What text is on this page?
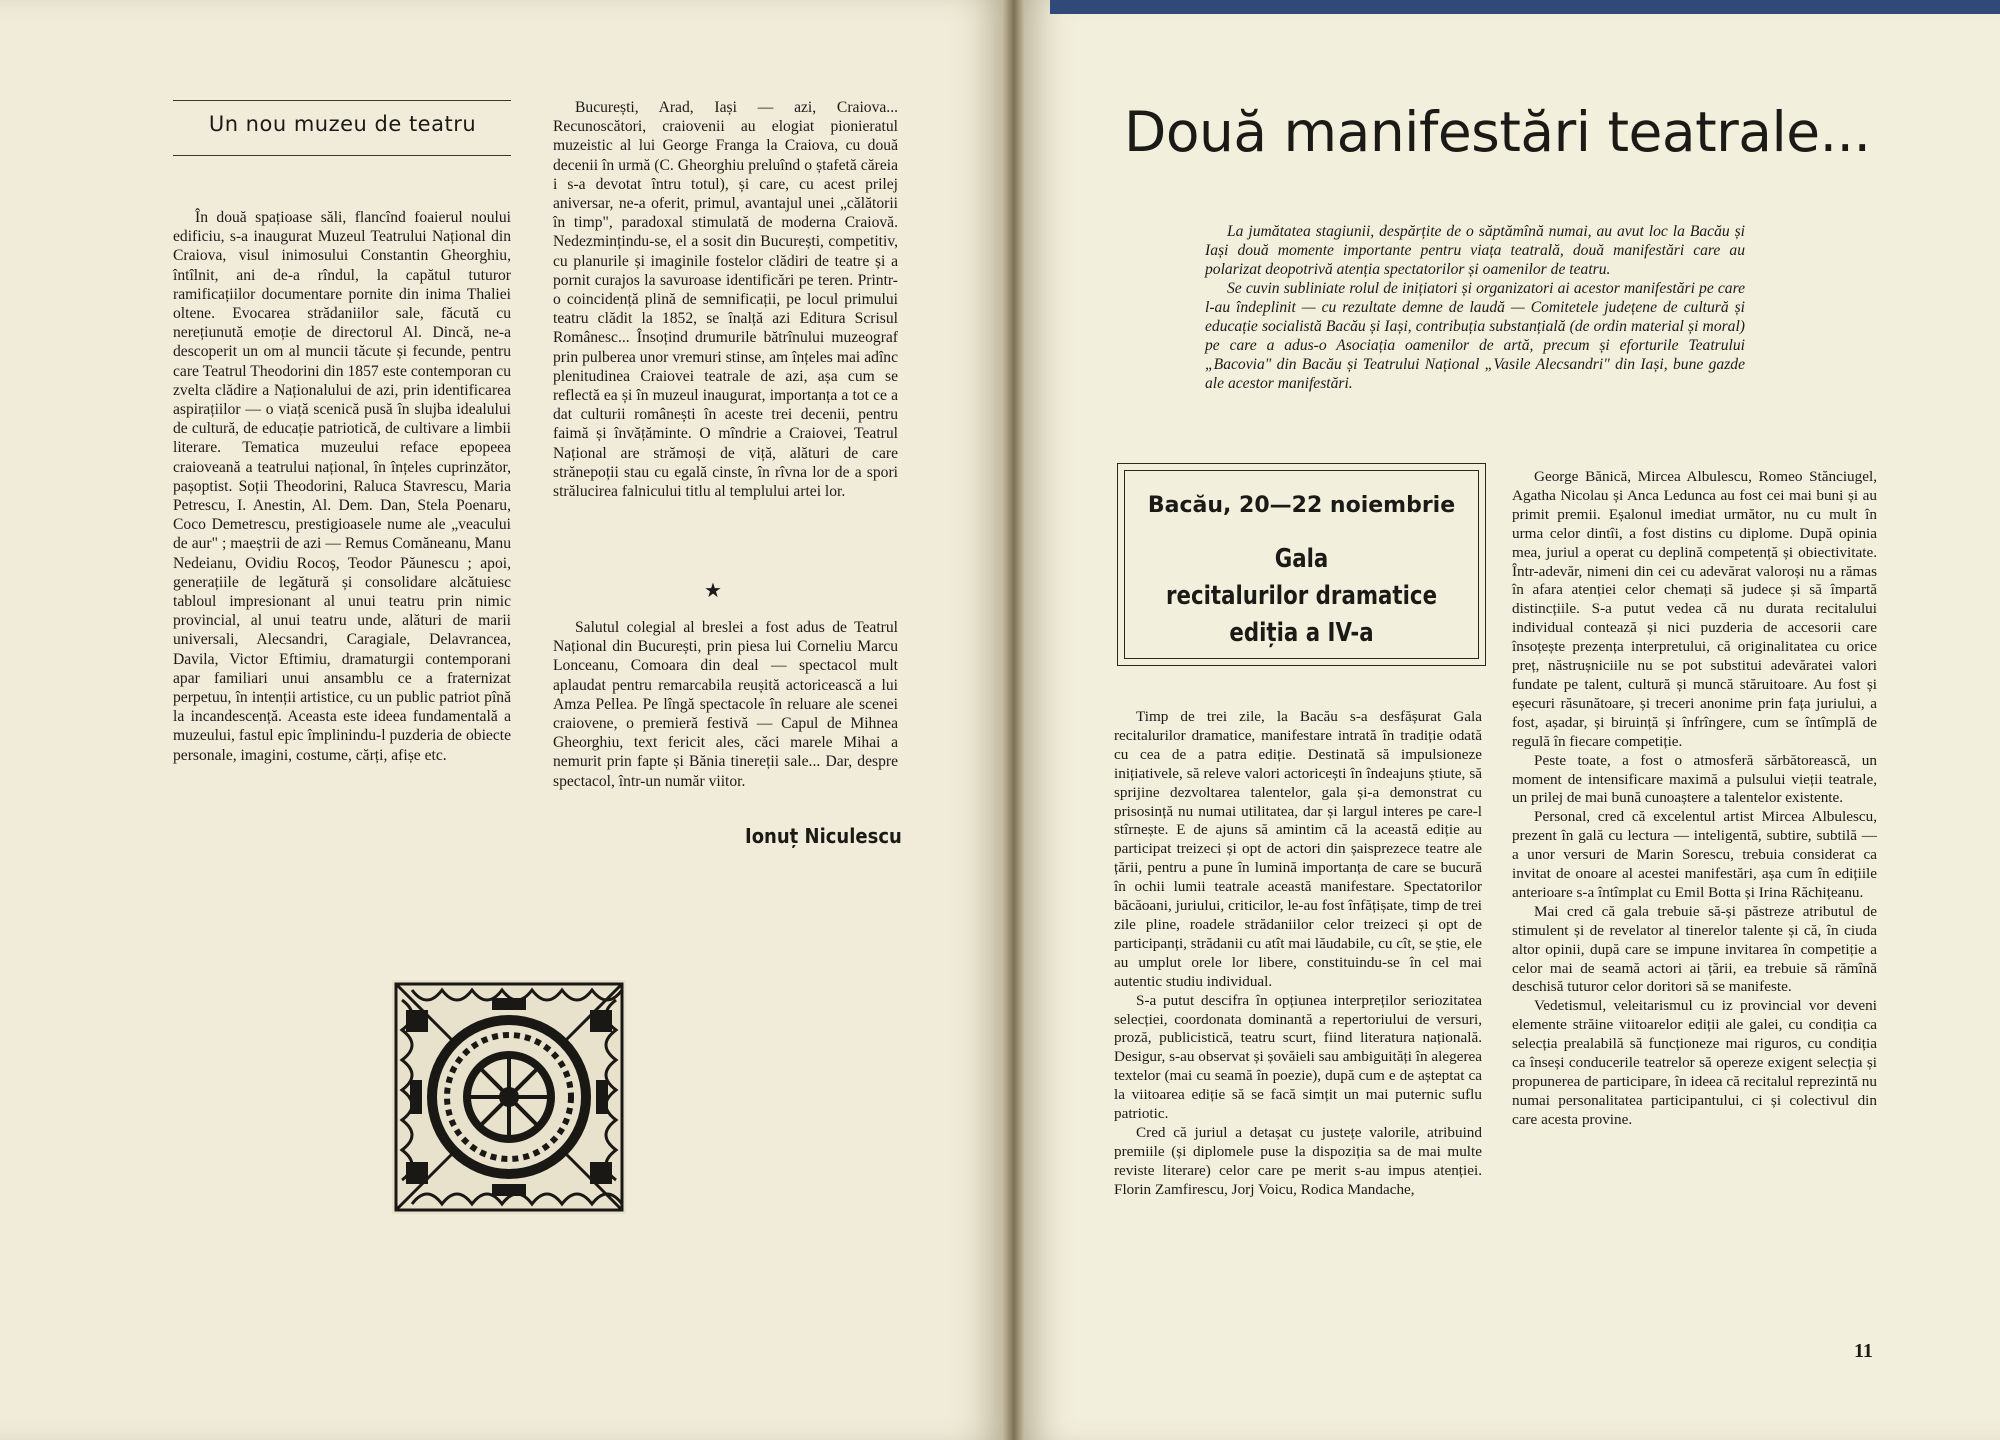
Un nou muzeu de teatru

În două spațioase săli, flancînd foaierul noului edificiu, s-a inaugurat Muzeul Teatrului Național din Craiova, visul inimosului Constantin Gheorghiu, întîlnit, ani de-a rîndul, la capătul tuturor ramificațiilor documentare pornite din inima Thaliei oltene. Evocarea strădaniilor sale, făcută cu nerețiunută emoție de directorul Al. Dincă, ne-a descoperit un om al muncii tăcute și fecunde, pentru care Teatrul Theodorini din 1857 este contemporan cu zvelta clădire a Naționalului de azi, prin identificarea aspirațiilor — o viață scenică pusă în slujba idealului de cultură, de educație patriotică, de cultivare a limbii literare. Tematica muzeului reface epopeea craioveană a teatrului național, în înțeles cuprinzător, pașoptist. Soții Theodorini, Raluca Stavrescu, Maria Petrescu, I. Anestin, Al. Dem. Dan, Stela Poenaru, Coco Demetrescu, prestigioasele nume ale „veacului de aur" ; maeștrii de azi — Remus Comăneanu, Manu Nedeianu, Ovidiu Rocoș, Teodor Păunescu ; apoi, generațiile de legătură și consolidare alcătuiesc tabloul impresionant al unui teatru prin nimic provincial, al unui teatru unde, alături de marii universali, Alecsandri, Caragiale, Delavrancea, Davila, Victor Eftimiu, dramaturgii contemporani apar familiari unui ansamblu ce a fraternizat perpetuu, în intenții artistice, cu un public patriot pînă la incandescență. Aceasta este ideea fundamentală a muzeului, fastul epic împlinindu-l puzderia de obiecte personale, imagini, costume, cărți, afișe etc.

București, Arad, Iași — azi, Craiova... Recunoscători, craiovenii au elogiat pionieratul muzeistic al lui George Franga la Craiova, cu două decenii în urmă (C. Gheorghiu preluînd o ștafetă căreia i s-a devotat întru totul), și care, cu acest prilej aniversar, ne-a oferit, primul, avantajul unei „călătorii în timp", paradoxal stimulată de moderna Craiovă. Nedezmințindu-se, el a sosit din București, competitiv, cu planurile și imaginile fostelor clădiri de teatre și a pornit curajos la savuroase identificări pe teren. Printr-o coincidență plină de semnificații, pe locul primului teatru clădit la 1852, se înalță azi Editura Scrisul Românesc... Însoțind drumurile bătrînului muzeograf prin pulberea unor vremuri stinse, am înțeles mai adînc plenitudinea Craiovei teatrale de azi, așa cum se reflectă ea și în muzeul inaugurat, importanța a tot ce a dat culturii românești în aceste trei decenii, pentru faimă și învățăminte. O mîndrie a Craiovei, Teatrul Național are strămoși de viță, alături de care strănepoții stau cu egală cinste, în rîvna lor de a spori strălucirea falnicului titlu al templului artei lor.

★

Salutul colegial al breslei a fost adus de Teatrul Național din București, prin piesa lui Corneliu Marcu Lonceanu, Comoara din deal — spectacol mult aplaudat pentru remarcabila reușită actoricească a lui Amza Pellea. Pe lîngă spectacole în reluare ale scenei craiovene, o premieră festivă — Capul de Mihnea Gheorghiu, text fericit ales, căci marele Mihai a nemurit prin fapte și Bănia tinereții sale... Dar, despre spectacol, într-un număr viitor.

Ionuț Niculescu
Două manifestări teatrale...

La jumătatea stagiunii, despărțite de o săptămînă numai, au avut loc la Bacău și Iași două momente importante pentru viața teatrală, două manifestări care au polarizat deopotrivă atenția spectatorilor și oamenilor de teatru.

Se cuvin subliniate rolul de inițiatori și organizatori ai acestor manifestări pe care l-au îndeplinit — cu rezultate demne de laudă — Comitetele județene de cultură și educație socialistă Bacău și Iași, contribuția substanțială (de ordin material și moral) pe care a adus-o Asociația oamenilor de artă, precum și eforturile Teatrului „Bacovia" din Bacău și Teatrului Național „Vasile Alecsandri" din Iași, bune gazde ale acestor manifestări.

Bacău, 20—22 noiembrie
Gala
recitalurilor dramatice
ediția a IV-a

Timp de trei zile, la Bacău s-a desfășurat Gala recitalurilor dramatice, manifestare intrată în tradiție odată cu cea de a patra ediție. Destinată să impulsioneze inițiativele, să releve valori actoricești în îndeajuns știute, să sprijine dezvoltarea talentelor, gala și-a demonstrat cu prisosință nu numai utilitatea, dar și largul interes pe care-l stîrnește. E de ajuns să amintim că la această ediție au participat treizeci și opt de actori din șaisprezece teatre ale țării, pentru a pune în lumină importanța de care se bucură în ochii lumii teatrale această manifestare. Spectatorilor băcăoani, juriului, criticilor, le-au fost înfățișate, timp de trei zile pline, roadele strădaniilor celor treizeci și opt de participanți, strădanii cu atît mai lăudabile, cu cît, se știe, ele au umplut orele lor libere, constituindu-se în cel mai autentic studiu individual.

S-a putut descifra în opțiunea interpreților seriozitatea selecției, coordonata dominantă a repertoriului de versuri, proză, publicistică, teatru scurt, fiind literatura națională. Desigur, s-au observat și șovăieli sau ambiguități în alegerea textelor (mai cu seamă în poezie), după cum e de așteptat ca la viitoarea ediție să se facă simțit un mai puternic suflu patriotic.

Cred că juriul a detașat cu justețe valorile, atribuind premiile (și diplomele puse la dispoziția sa de mai multe reviste literare) celor care pe merit s-au impus atenției. Florin Zamfirescu, Jorj Voicu, Rodica Mandache,

George Bănică, Mircea Albulescu, Romeo Stănciugel, Agatha Nicolau și Anca Ledunca au fost cei mai buni și au primit premii. Eșalonul imediat următor, nu cu mult în urma celor dintîi, a fost distins cu diplome. După opinia mea, juriul a operat cu deplină competență și obiectivitate. Într-adevăr, nimeni din cei cu adevărat valoroși nu a rămas în afara atenției celor chemați să judece și să împartă distincțiile. S-a putut vedea că nu durata recitalului individual contează și nici puzderia de accesorii care însoțește prezența interpretului, că originalitatea cu orice preț, năstrușniciile nu se pot substitui adevăratei valori fundate pe talent, cultură și muncă stăruitoare. Au fost și eșecuri răsunătoare, și treceri anonime prin fața juriului, a fost, așadar, și biruință și înfrîngere, cum se întîmplă de regulă în fiecare competiție.

Peste toate, a fost o atmosferă sărbătorească, un moment de intensificare maximă a pulsului vieții teatrale, un prilej de mai bună cunoaștere a talentelor existente.

Personal, cred că excelentul artist Mircea Albulescu, prezent în gală cu lectura — inteligentă, subtire, subtilă — a unor versuri de Marin Sorescu, trebuia considerat ca invitat de onoare al acestei manifestări, așa cum în edițiile anterioare s-a întîmplat cu Emil Botta și Irina Răchițeanu.

Mai cred că gala trebuie să-și păstreze atributul de stimulent și de revelator al tinerelor talente și că, în ciuda altor opinii, după care se impune invitarea în competiție a celor mai de seamă actori ai țării, ea trebuie să rămînă deschisă tuturor celor doritori să se manifeste.

Vedetismul, veleitarismul cu iz provincial vor deveni elemente străine viitoarelor ediții ale galei, cu condiția ca selecția prealabilă să funcționeze mai riguros, cu condiția ca înseși conducerile teatrelor să opereze exigent selecția și propunerea de participare, în ideea că recitalul reprezintă nu numai personalitatea participantului, ci și colectivul din care acesta provine.

11
